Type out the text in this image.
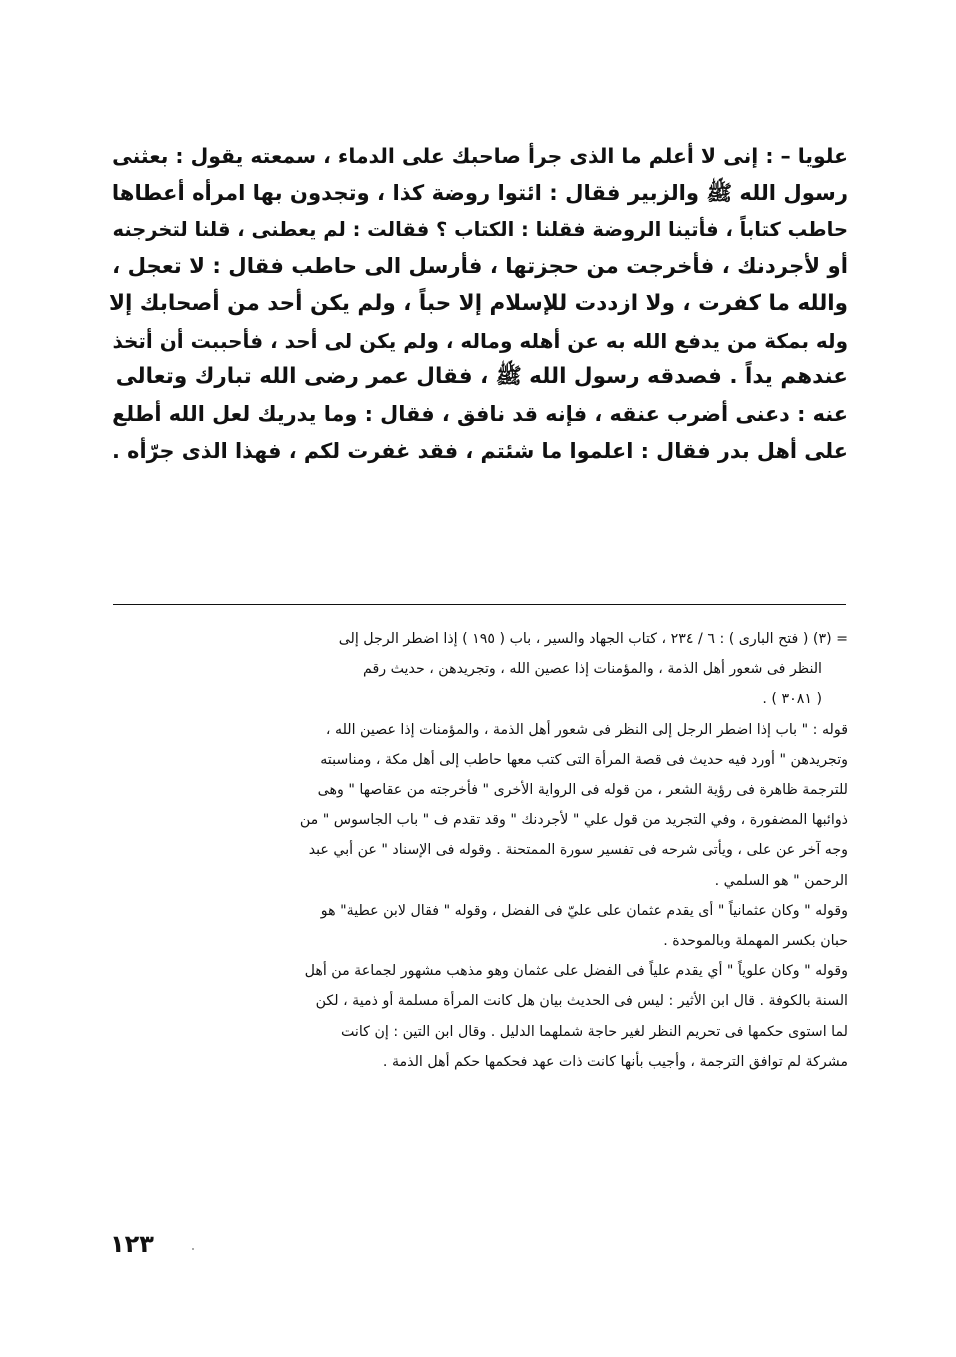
علويا – : إنى لا أعلم ما الذى جرأ صاحبك على الدماء ، سمعته يقول : بعثنى
رسول الله ﷺ والزبير فقال : ائتوا روضة كذا ، وتجدون بها امرأه أعطاها
حاطب كتاباً ، فأتينا الروضة فقلنا : الكتاب ؟ فقالت : لم يعطنى ، قلنا لتخرجنه
أو لأجردنك ، فأخرجت من حجزتها ، فأرسل الى حاطب فقال : لا تعجل ،
والله ما كفرت ، ولا ازددت للإسلام إلا حباً ، ولم يكن أحد من أصحابك إلا
وله بمكة من يدفع الله به عن أهله وماله ، ولم يكن لى أحد ، فأحببت أن أتخذ
عندهم يداً . فصدقه رسول الله ﷺ ، فقال عمر رضى الله تبارك وتعالى
عنه : دعنى أضرب عنقه ، فإنه قد نافق ، فقال : وما يدريك لعل الله أطلع
على أهل بدر فقال : اعلموا ما شئتم ، فقد غفرت لكم ، فهذا الذى جرّأه .
= (٣) ( فتح البارى ) : ٦ / ٢٣٤ ، كتاب الجهاد والسير ، باب ( ١٩٥ ) إذا اضطر الرجل إلى
النظر فى شعور أهل الذمة ، والمؤمنات إذا عصين الله ، وتجريدهن ، حديث رقم
( ٣٠٨١ ) .
قوله : " باب إذا اضطر الرجل إلى النظر فى شعور أهل الذمة ، والمؤمنات إذا عصين الله ،
وتجريدهن " أورد فيه حديث فى قصة المرأة التى كتب معها حاطب إلى أهل مكة ، ومناسبته
للترجمة ظاهرة فى رؤية الشعر ، من قوله فى الرواية الأخرى " فأخرجته من عقاصها " وهى
ذوائبها المضفورة ، وفي التجريد من قول علي " لأجردنك " وقد تقدم ف " باب الجاسوس " من
وجه آخر عن على ، ويأتى شرحه فى تفسير سورة الممتحنة . وقوله فى الإسناد " عن أبي عبد
الرحمن " هو السلمي .
وقوله " وكان عثمانياً " أى يقدم عثمان على عليّ فى الفضل ، وقوله " فقال لابن عطية" هو
حبان بكسر المهملة وبالموحدة .
وقوله " وكان علوياً " أي يقدم علياً فى الفضل على عثمان وهو مذهب مشهور لجماعة من أهل
السنة بالكوفة . قال ابن الأثير : ليس فى الحديث بيان هل كانت المرأة مسلمة أو ذمية ، لكن
لما استوى حكمها فى تحريم النظر لغير حاجة شملهما الدليل . وقال ابن التين : إن كانت
مشركة لم توافق الترجمة ، وأجيب بأنها كانت ذات عهد فحكمها حكم أهل الذمة .
١٢٣
